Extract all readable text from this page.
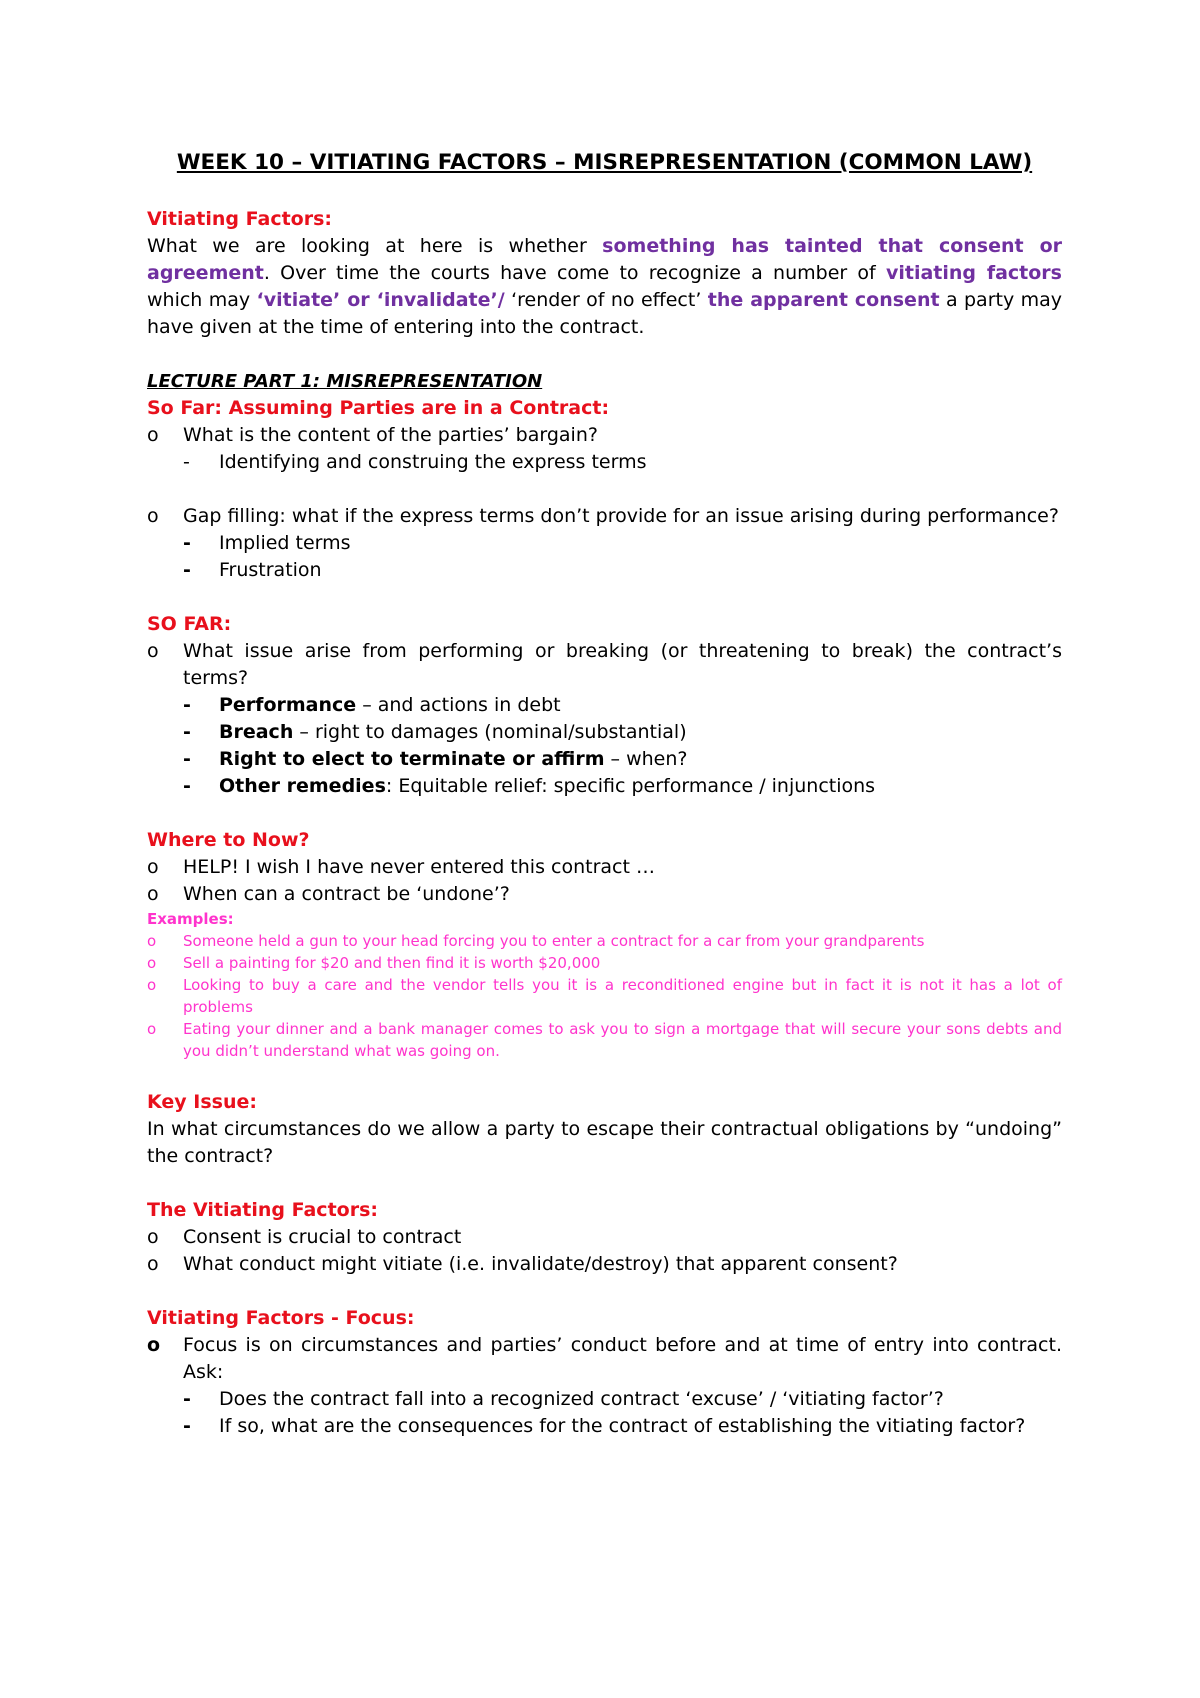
WEEK 10 – VITIATING FACTORS – MISREPRESENTATION (COMMON LAW)

Vitiating Factors:

What we are looking at here is whether something has tainted that consent or agreement. Over time the courts have come to recognize a number of vitiating factors which may ‘vitiate’ or ‘invalidate’/ ‘render of no effect’ the apparent consent a party may have given at the time of entering into the contract.

LECTURE PART 1: MISREPRESENTATION

So Far: Assuming Parties are in a Contract:

o What is the content of the parties’ bargain?
- Identifying and construing the express terms
o Gap filling: what if the express terms don’t provide for an issue arising during performance?
- Implied terms
- Frustration

SO FAR:

o What issue arise from performing or breaking (or threatening to break) the contract’s terms?
- Performance – and actions in debt
- Breach – right to damages (nominal/substantial)
- Right to elect to terminate or affirm – when?
- Other remedies: Equitable relief: specific performance / injunctions

Where to Now?

o HELP! I wish I have never entered this contract …
o When can a contract be ‘undone’?

Examples:

o Someone held a gun to your head forcing you to enter a contract for a car from your grandparents
o Sell a painting for $20 and then find it is worth $20,000
o Looking to buy a care and the vendor tells you it is a reconditioned engine but in fact it is not it has a lot of problems
o Eating your dinner and a bank manager comes to ask you to sign a mortgage that will secure your sons debts and you didn’t understand what was going on.

Key Issue:

In what circumstances do we allow a party to escape their contractual obligations by “undoing” the contract?

The Vitiating Factors:

o Consent is crucial to contract
o What conduct might vitiate (i.e. invalidate/destroy) that apparent consent?

Vitiating Factors - Focus:

o Focus is on circumstances and parties’ conduct before and at time of entry into contract. Ask:
- Does the contract fall into a recognized contract ‘excuse’ / ‘vitiating factor’?
- If so, what are the consequences for the contract of establishing the vitiating factor?
